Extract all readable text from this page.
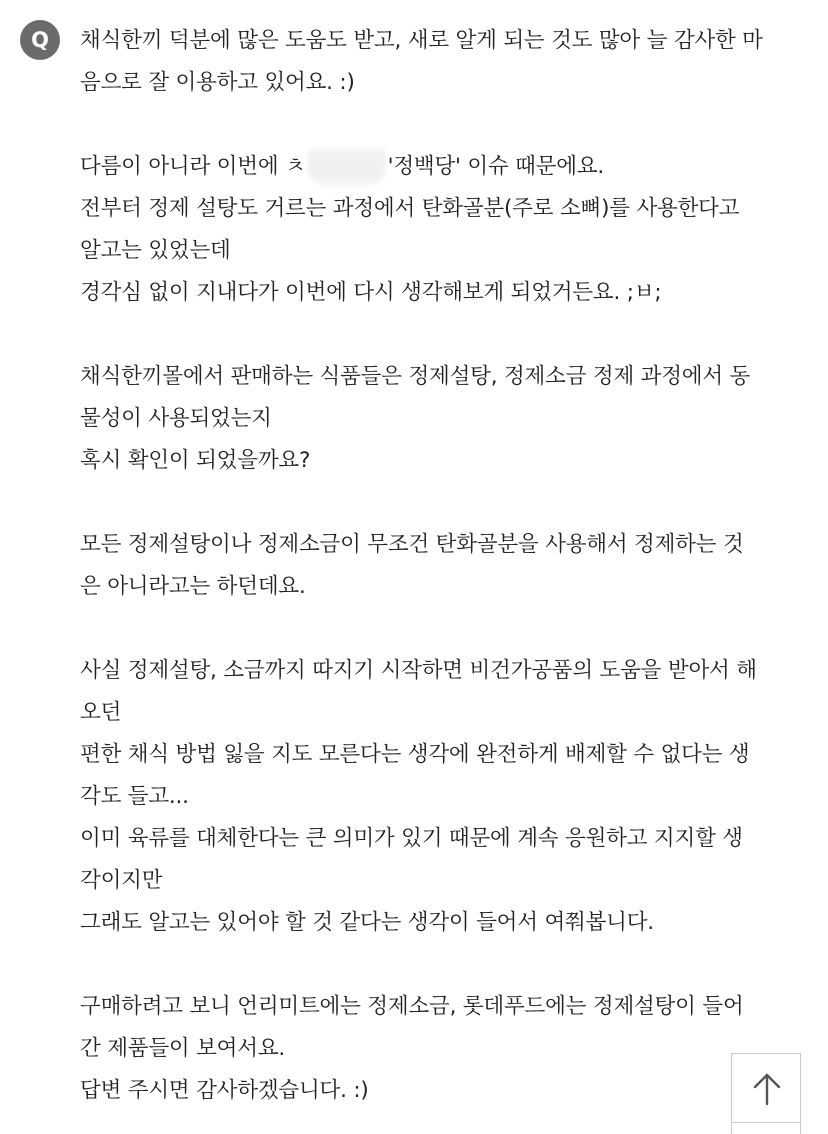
Q	채식한끼 덕분에 많은 도움도 받고, 새로 알게 되는 것도 많아 늘 감사한 마
음으로 잘 이용하고 있어요. :)
다름이 아니라 이번에 ㅊ	'정백당' 이슈 때문에요.
전부터 정제 설탕도 거르는 과정에서 탄화골분(주로 소뼈)를 사용한다고
알고는 있었는데
경각심 없이 지내다가 이번에 다시 생각해보게 되었거든요. ;ㅂ;
채식한끼몰에서 판매하는 식품들은 정제설탕, 정제소금 정제 과정에서 동
물성이 사용되었는지
혹시 확인이 되었을까요?
모든 정제설탕이나 정제소금이 무조건 탄화골분을 사용해서 정제하는 것
은 아니라고는 하던데요.
사실 정제설탕, 소금까지 따지기 시작하면 비건가공품의 도움을 받아서 해
오던
편한 채식 방법 잃을 지도 모른다는 생각에 완전하게 배제할 수 없다는 생
각도 들고...
이미 육류를 대체한다는 큰 의미가 있기 때문에 계속 응원하고 지지할 생
각이지만
그래도 알고는 있어야 할 것 같다는 생각이 들어서 여쭤봅니다.
구매하려고 보니 언리미트에는 정제소금, 롯데푸드에는 정제설탕이 들어
간 제품들이 보여서요.
답변 주시면 감사하겠습니다. :)
